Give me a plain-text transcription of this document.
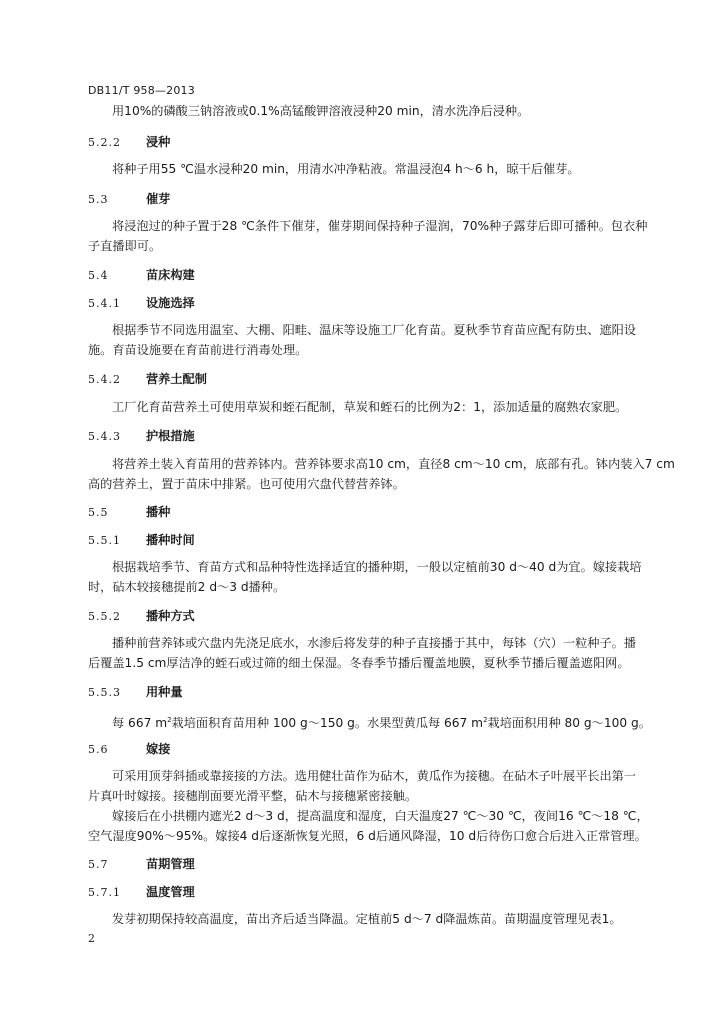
DB11/T 958—2013
用10%的磷酸三钠溶液或0.1%高锰酸钾溶液浸种20 min，清水洗净后浸种。
5.2.2 浸种
将种子用55 ℃温水浸种20 min，用清水冲净粘液。常温浸泡4 h～6 h，晾干后催芽。
5.3	催芽
将浸泡过的种子置于28 ℃条件下催芽，催芽期间保持种子湿润，70%种子露芽后即可播种。包衣种
子直播即可。
5.4	苗床构建
5.4.1 设施选择
根据季节不同选用温室、大棚、阳畦、温床等设施工厂化育苗。夏秋季节育苗应配有防虫、遮阳设
施。育苗设施要在育苗前进行消毒处理。
5.4.2 营养土配制
工厂化育苗营养土可使用草炭和蛭石配制，草炭和蛭石的比例为2：1，添加适量的腐熟农家肥。
5.4.3 护根措施
将营养土装入育苗用的营养钵内。营养钵要求高10 cm，直径8 cm～10 cm，底部有孔。钵内装入7 cm
高的营养土，置于苗床中排紧。也可使用穴盘代替营养钵。
5.5	播种
5.5.1 播种时间
根据栽培季节、育苗方式和品种特性选择适宜的播种期，一般以定植前30 d～40 d为宜。嫁接栽培
时，砧木较接穗提前2 d～3 d播种。
5.5.2 播种方式
播种前营养钵或穴盘内先浇足底水，水渗后将发芽的种子直接播于其中，每钵（穴）一粒种子。播
后覆盖1.5 cm厚洁净的蛭石或过筛的细土保湿。冬春季节播后覆盖地膜，夏秋季节播后覆盖遮阳网。
5.5.3 用种量
每 667 $m^2$栽培面积育苗用种 100 g～150 g。水果型黄瓜每 667 $m^2$栽培面积用种 80 g～100 g。
5.6	嫁接
可采用顶芽斜插或靠接接的方法。选用健壮苗作为砧木，黄瓜作为接穗。在砧木子叶展平长出第一
片真叶时嫁接。接穗削面要光滑平整，砧木与接穗紧密接触。
嫁接后在小拱棚内遮光2 d～3 d，提高温度和湿度，白天温度27 ℃～30 ℃，夜间16 ℃～18 ℃，
空气湿度90%～95%。嫁接4 d后逐渐恢复光照，6 d后通风降湿，10 d后待伤口愈合后进入正常管理。
5.7	苗期管理
5.7.1 温度管理
发芽初期保持较高温度，苗出齐后适当降温。定植前5 d～7 d降温炼苗。苗期温度管理见表1。
2
